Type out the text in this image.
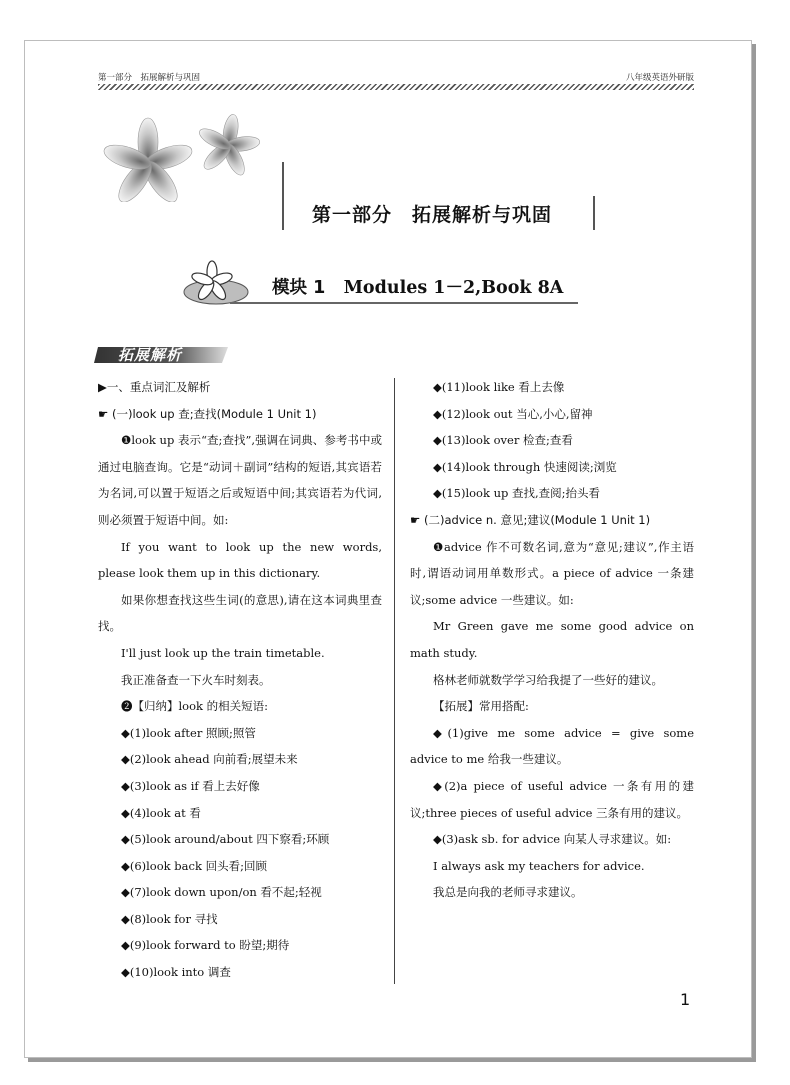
第一部分　拓展解析与巩固	八年级英语外研版
第一部分　拓展解析与巩固
模块 1 Modules 1－2,Book 8A
拓展解析

▶一、重点词汇及解析

☛ (一)look up 查;查找(Module 1 Unit 1)

❶look up 表示“查;查找”,强调在词典、参考书中或通过电脑查询。它是“动词＋副词”结构的短语,其宾语若为名词,可以置于短语之后或短语中间;其宾语若为代词,则必须置于短语中间。如:

If you want to look up the new words, please look them up in this dictionary.

如果你想查找这些生词(的意思),请在这本词典里查找。

I'll just look up the train timetable.

我正准备查一下火车时刻表。

❷【归纳】look 的相关短语:

◆(1)look after 照顾;照管

◆(2)look ahead 向前看;展望未来

◆(3)look as if 看上去好像

◆(4)look at 看

◆(5)look around/about 四下察看;环顾

◆(6)look back 回头看;回顾

◆(7)look down upon/on 看不起;轻视

◆(8)look for 寻找

◆(9)look forward to 盼望;期待

◆(10)look into 调查

◆(11)look like 看上去像

◆(12)look out 当心,小心,留神

◆(13)look over 检查;查看

◆(14)look through 快速阅读;浏览

◆(15)look up 查找,查阅;抬头看

☛ (二)advice n. 意见;建议(Module 1 Unit 1)

❶advice 作不可数名词,意为“意见;建议”,作主语时,谓语动词用单数形式。a piece of advice 一条建议;some advice 一些建议。如:

Mr Green gave me some good advice on math study.

格林老师就数学学习给我提了一些好的建议。

【拓展】常用搭配:

◆(1)give me some advice = give some advice to me 给我一些建议。

◆(2)a piece of useful advice 一条有用的建议;three pieces of useful advice 三条有用的建议。

◆(3)ask sb. for advice 向某人寻求建议。如:

I always ask my teachers for advice.

我总是向我的老师寻求建议。

1
